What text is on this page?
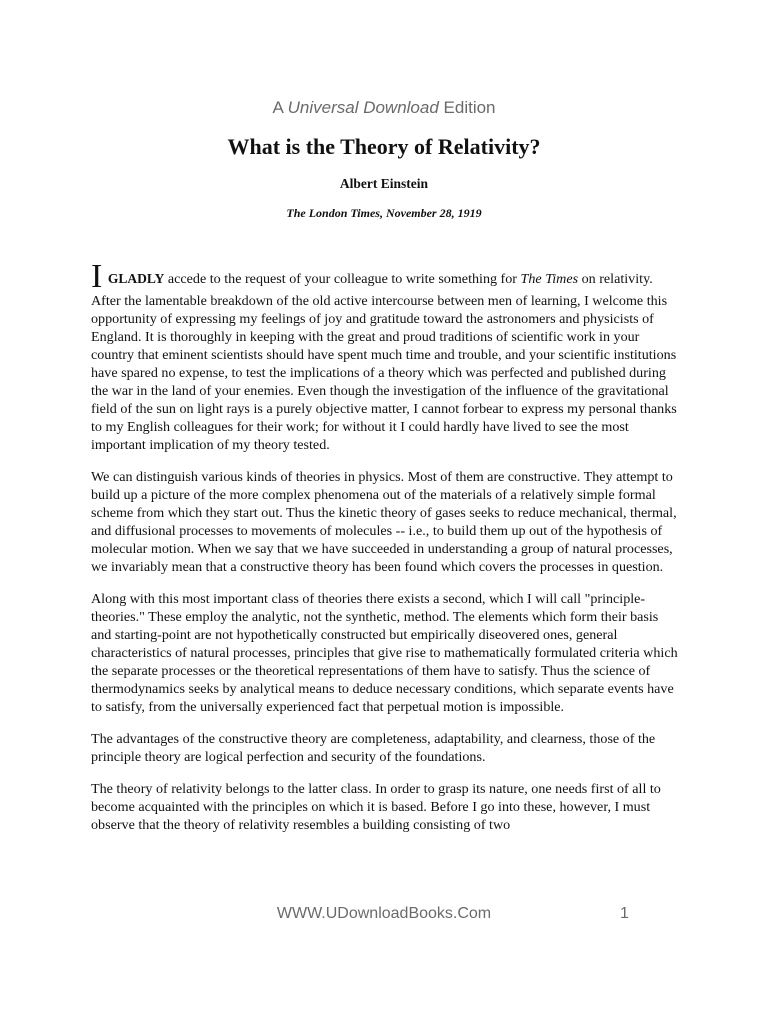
A Universal Download Edition
What is the Theory of Relativity?
Albert Einstein
The London Times, November 28, 1919

I GLADLY accede to the request of your colleague to write something for The Times on relativity. After the lamentable breakdown of the old active intercourse between men of learning, I welcome this opportunity of expressing my feelings of joy and gratitude toward the astronomers and physicists of England. It is thoroughly in keeping with the great and proud traditions of scientific work in your country that eminent scientists should have spent much time and trouble, and your scientific institutions have spared no expense, to test the implications of a theory which was perfected and published during the war in the land of your enemies. Even though the investigation of the influence of the gravitational field of the sun on light rays is a purely objective matter, I cannot forbear to express my personal thanks to my English colleagues for their work; for without it I could hardly have lived to see the most important implication of my theory tested.

We can distinguish various kinds of theories in physics. Most of them are constructive. They attempt to build up a picture of the more complex phenomena out of the materials of a relatively simple formal scheme from which they start out. Thus the kinetic theory of gases seeks to reduce mechanical, thermal, and diffusional processes to movements of molecules -- i.e., to build them up out of the hypothesis of molecular motion. When we say that we have succeeded in understanding a group of natural processes, we invariably mean that a constructive theory has been found which covers the processes in question.

Along with this most important class of theories there exists a second, which I will call "principle-theories." These employ the analytic, not the synthetic, method. The elements which form their basis and starting-point are not hypothetically constructed but empirically diseovered ones, general characteristics of natural processes, principles that give rise to mathematically formulated criteria which the separate processes or the theoretical representations of them have to satisfy. Thus the science of thermodynamics seeks by analytical means to deduce necessary conditions, which separate events have to satisfy, from the universally experienced fact that perpetual motion is impossible.

The advantages of the constructive theory are completeness, adaptability, and clearness, those of the principle theory are logical perfection and security of the foundations.

The theory of relativity belongs to the latter class. In order to grasp its nature, one needs first of all to become acquainted with the principles on which it is based. Before I go into these, however, I must observe that the theory of relativity resembles a building consisting of two

WWW.UDownloadBooks.Com	1
